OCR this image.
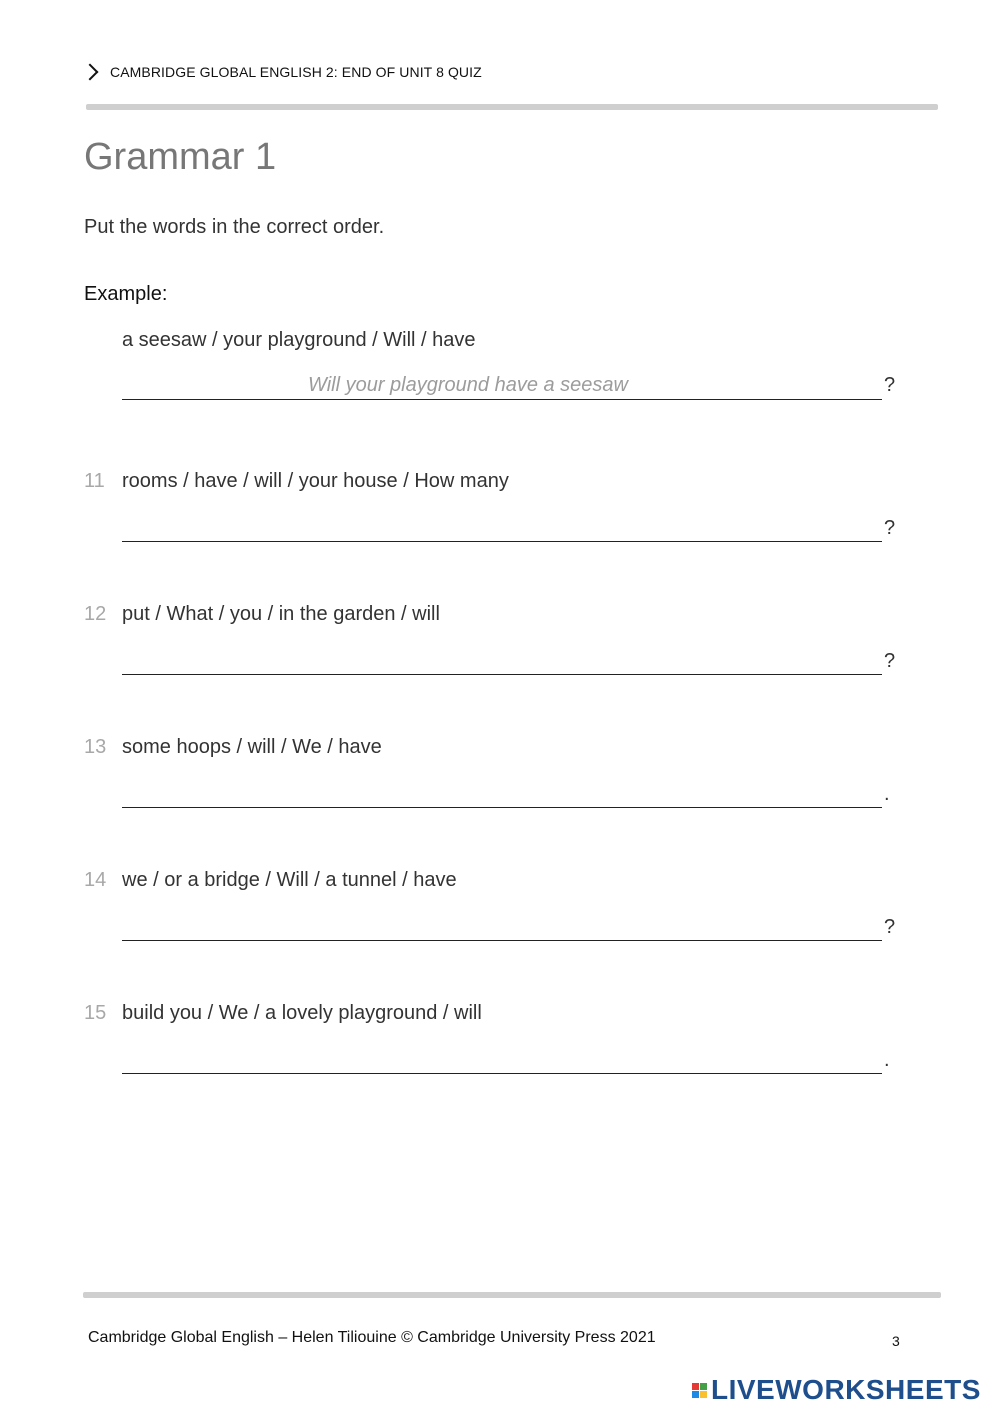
CAMBRIDGE GLOBAL ENGLISH 2: END OF UNIT 8 QUIZ
Grammar 1
Put the words in the correct order.
Example:
a seesaw / your playground / Will / have
Will your playground have a seesaw	?
11 rooms / have / will / your house / How many
?
12 put / What / you / in the garden / will
?
13 some hoops / will / We / have
.
14 we / or a bridge / Will / a tunnel / have
?
15 build you / We / a lovely playground / will
.
Cambridge Global English – Helen Tiliouine © Cambridge University Press 2021	3
LIVEWORKSHEETS
